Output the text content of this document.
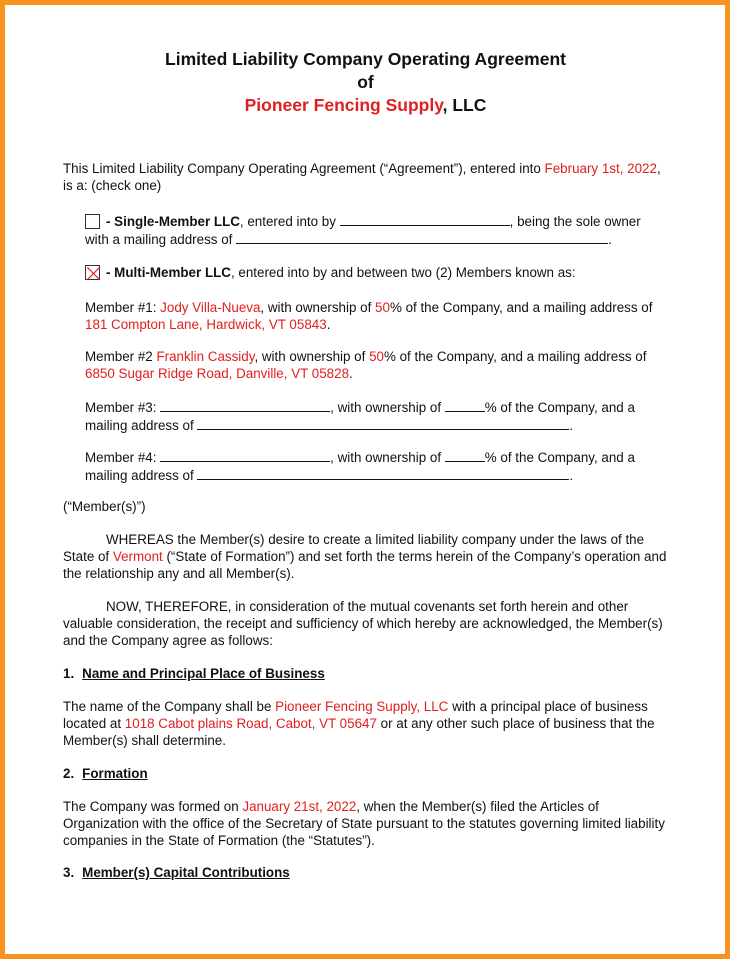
Limited Liability Company Operating Agreement
of
Pioneer Fencing Supply, LLC

This Limited Liability Company Operating Agreement (“Agreement”), entered into February 1st, 2022, is a: (check one)

- Single-Member LLC, entered into by	, being the sole owner with a mailing address of	.

- Multi-Member LLC, entered into by and between two (2) Members known as:

Member #1: Jody Villa-Nueva, with ownership of 50% of the Company, and a mailing address of 181 Compton Lane, Hardwick, VT 05843.

Member #2 Franklin Cassidy, with ownership of 50% of the Company, and a mailing address of 6850 Sugar Ridge Road, Danville, VT 05828.

Member #3:	, with ownership of	% of the Company, and a mailing address of	.

Member #4:	, with ownership of	% of the Company, and a mailing address of	.

(“Member(s)”)

WHEREAS the Member(s) desire to create a limited liability company under the laws of the State of Vermont (“State of Formation”) and set forth the terms herein of the Company’s operation and the relationship any and all Member(s).

NOW, THEREFORE, in consideration of the mutual covenants set forth herein and other valuable consideration, the receipt and sufficiency of which hereby are acknowledged, the Member(s) and the Company agree as follows:

1. Name and Principal Place of Business

The name of the Company shall be Pioneer Fencing Supply, LLC with a principal place of business located at 1018 Cabot plains Road, Cabot, VT 05647 or at any other such place of business that the Member(s) shall determine.

2. Formation

The Company was formed on January 21st, 2022, when the Member(s) filed the Articles of Organization with the office of the Secretary of State pursuant to the statutes governing limited liability companies in the State of Formation (the “Statutes”).

3. Member(s) Capital Contributions
